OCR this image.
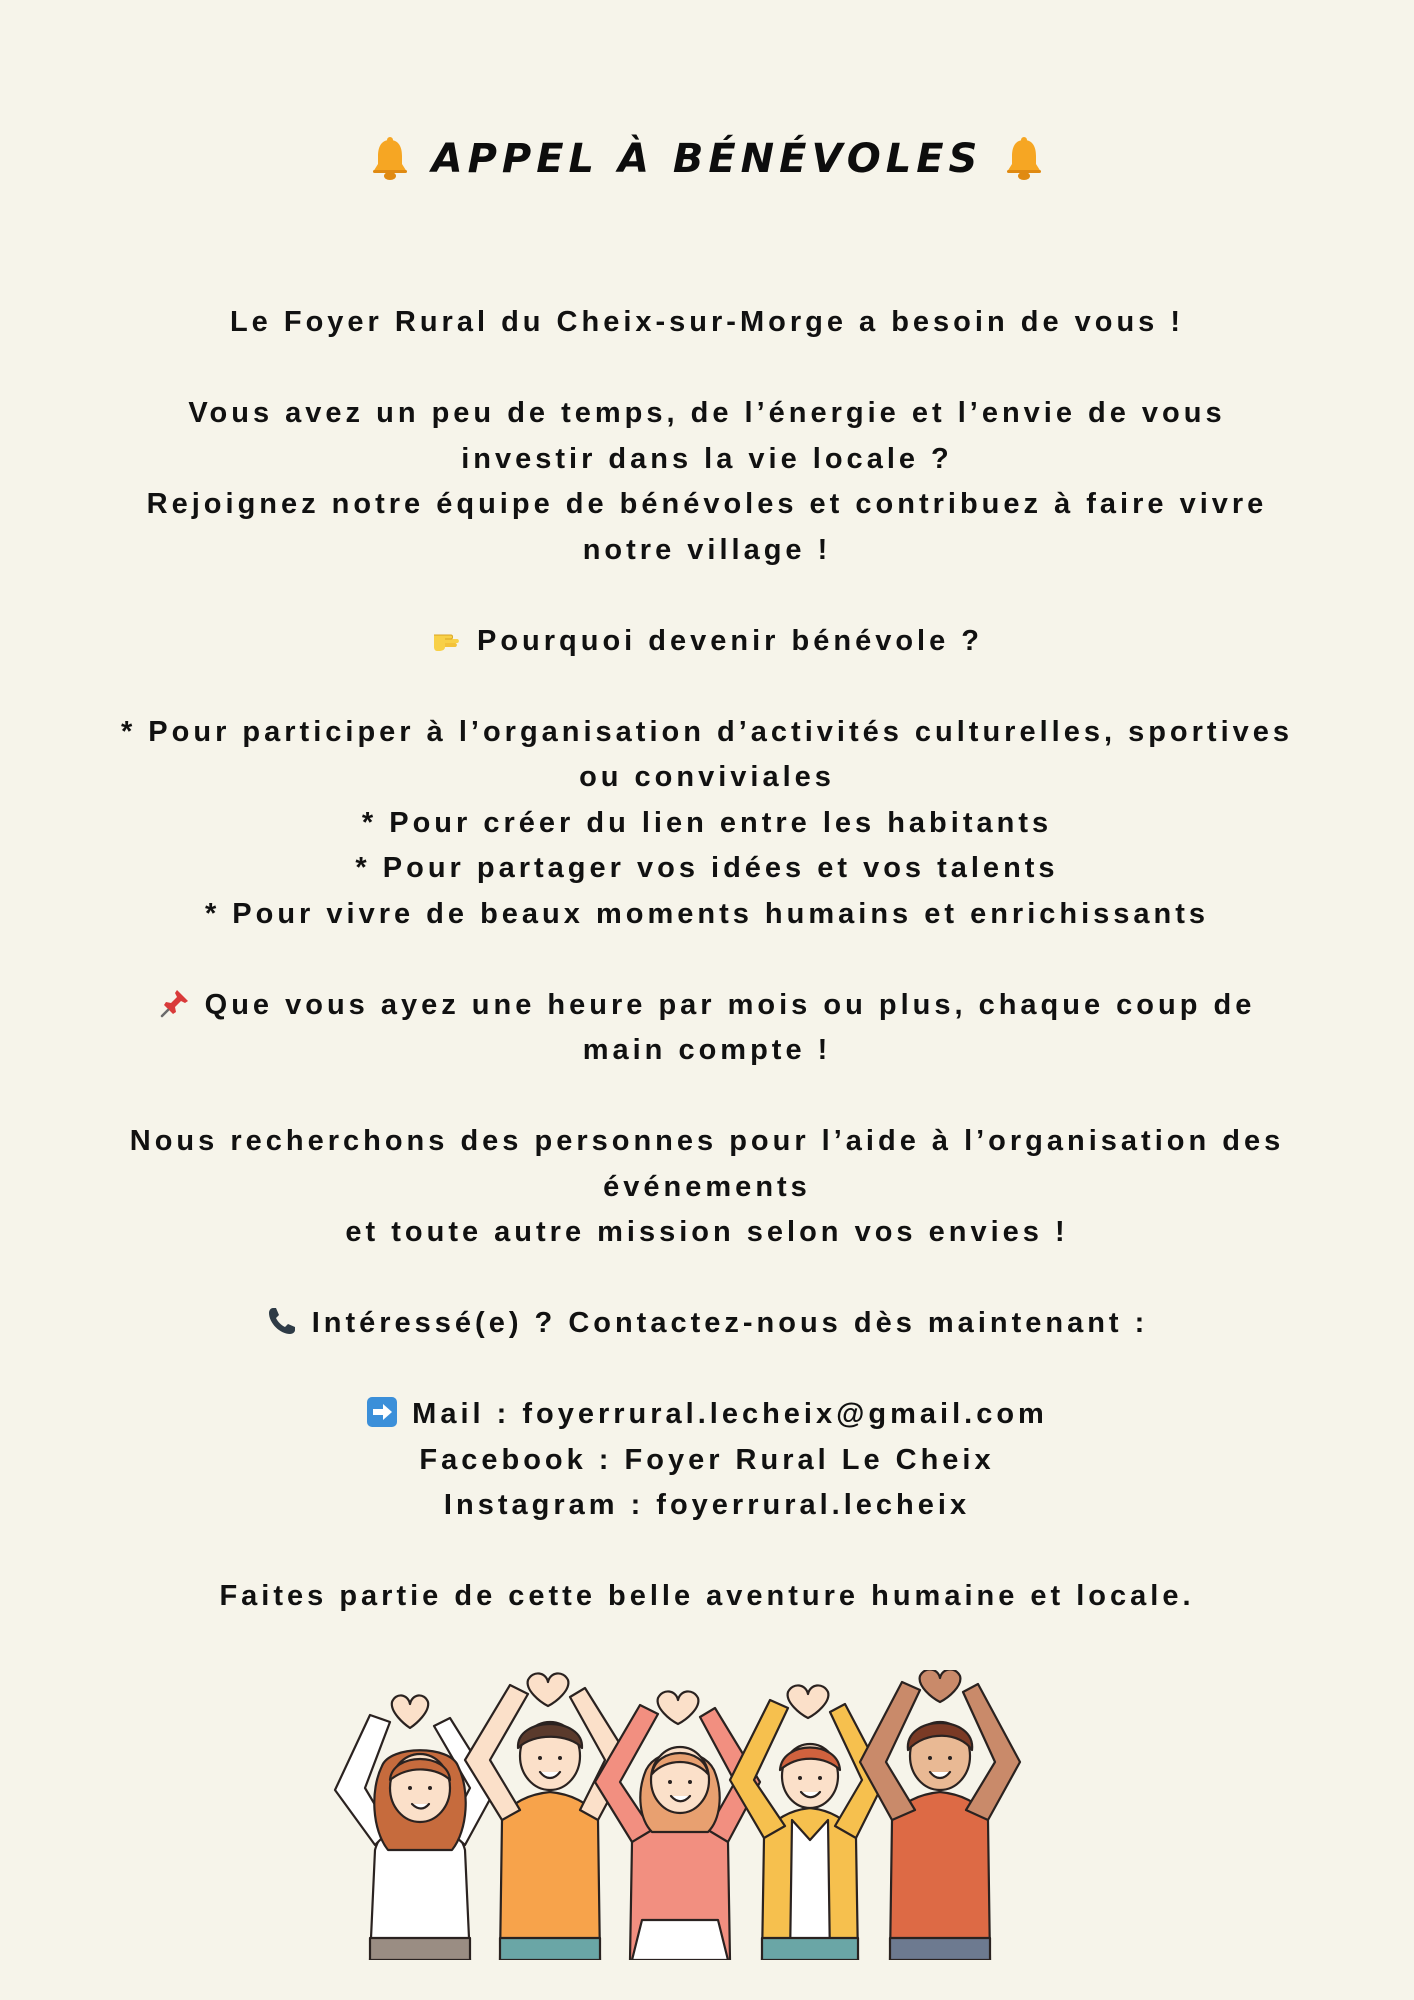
APPEL À BÉNÉVOLES
Le Foyer Rural du Cheix-sur-Morge a besoin de vous !
Vous avez un peu de temps, de l’énergie et l’envie de vous
investir dans la vie locale ?
Rejoignez notre équipe de bénévoles et contribuez à faire vivre
notre village !
Pourquoi devenir bénévole ?
* Pour participer à l’organisation d’activités culturelles, sportives
ou conviviales
* Pour créer du lien entre les habitants
* Pour partager vos idées et vos talents
* Pour vivre de beaux moments humains et enrichissants
Que vous ayez une heure par mois ou plus, chaque coup de
main compte !
Nous recherchons des personnes pour l’aide à l’organisation des
événements
et toute autre mission selon vos envies !
Intéressé(e) ? Contactez-nous dès maintenant :
Mail : foyerrural.lecheix@gmail.com
Facebook : Foyer Rural Le Cheix
Instagram : foyerrural.lecheix
Faites partie de cette belle aventure humaine et locale.
